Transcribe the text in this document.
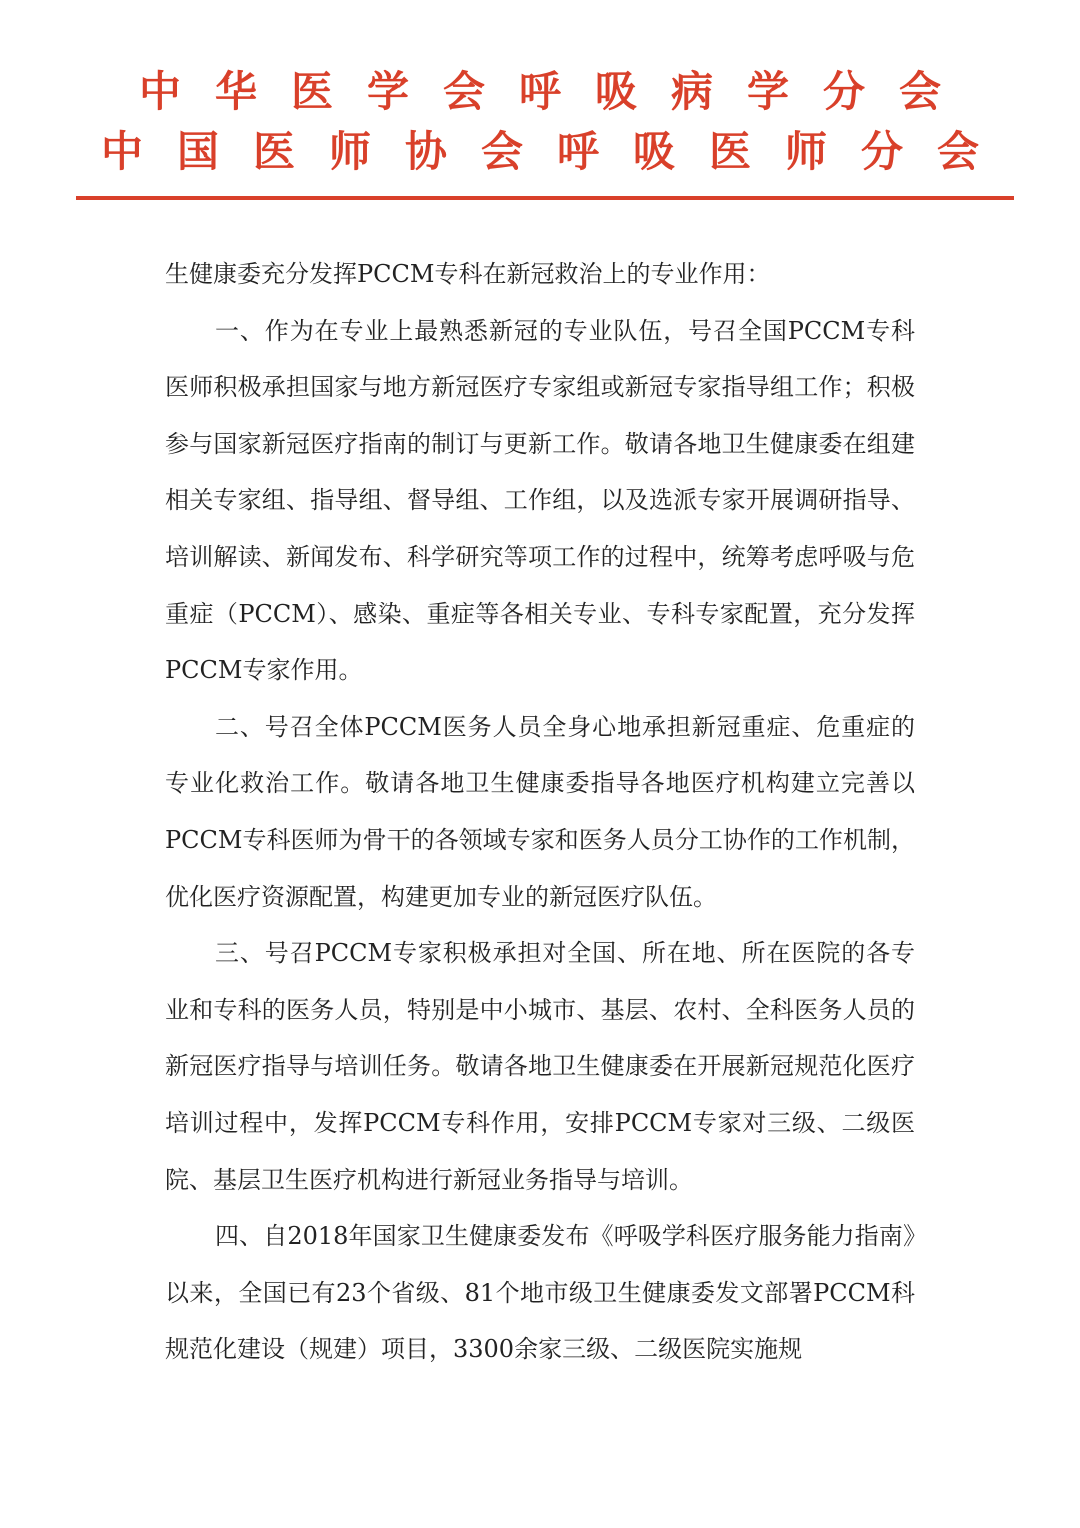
中华医学会呼吸病学分会
中国医师协会呼吸医师分会

生健康委充分发挥PCCM专科在新冠救治上的专业作用：

一、作为在专业上最熟悉新冠的专业队伍，号召全国PCCM专科医师积极承担国家与地方新冠医疗专家组或新冠专家指导组工作；积极参与国家新冠医疗指南的制订与更新工作。敬请各地卫生健康委在组建相关专家组、指导组、督导组、工作组，以及选派专家开展调研指导、培训解读、新闻发布、科学研究等项工作的过程中，统筹考虑呼吸与危重症（PCCM）、感染、重症等各相关专业、专科专家配置，充分发挥PCCM专家作用。

二、号召全体PCCM医务人员全身心地承担新冠重症、危重症的专业化救治工作。敬请各地卫生健康委指导各地医疗机构建立完善以PCCM专科医师为骨干的各领域专家和医务人员分工协作的工作机制，优化医疗资源配置，构建更加专业的新冠医疗队伍。

三、号召PCCM专家积极承担对全国、所在地、所在医院的各专业和专科的医务人员，特别是中小城市、基层、农村、全科医务人员的新冠医疗指导与培训任务。敬请各地卫生健康委在开展新冠规范化医疗培训过程中，发挥PCCM专科作用，安排PCCM专家对三级、二级医院、基层卫生医疗机构进行新冠业务指导与培训。

四、自2018年国家卫生健康委发布《呼吸学科医疗服务能力指南》以来，全国已有23个省级、81个地市级卫生健康委发文部署PCCM科规范化建设（规建）项目，3300余家三级、二级医院实施规
